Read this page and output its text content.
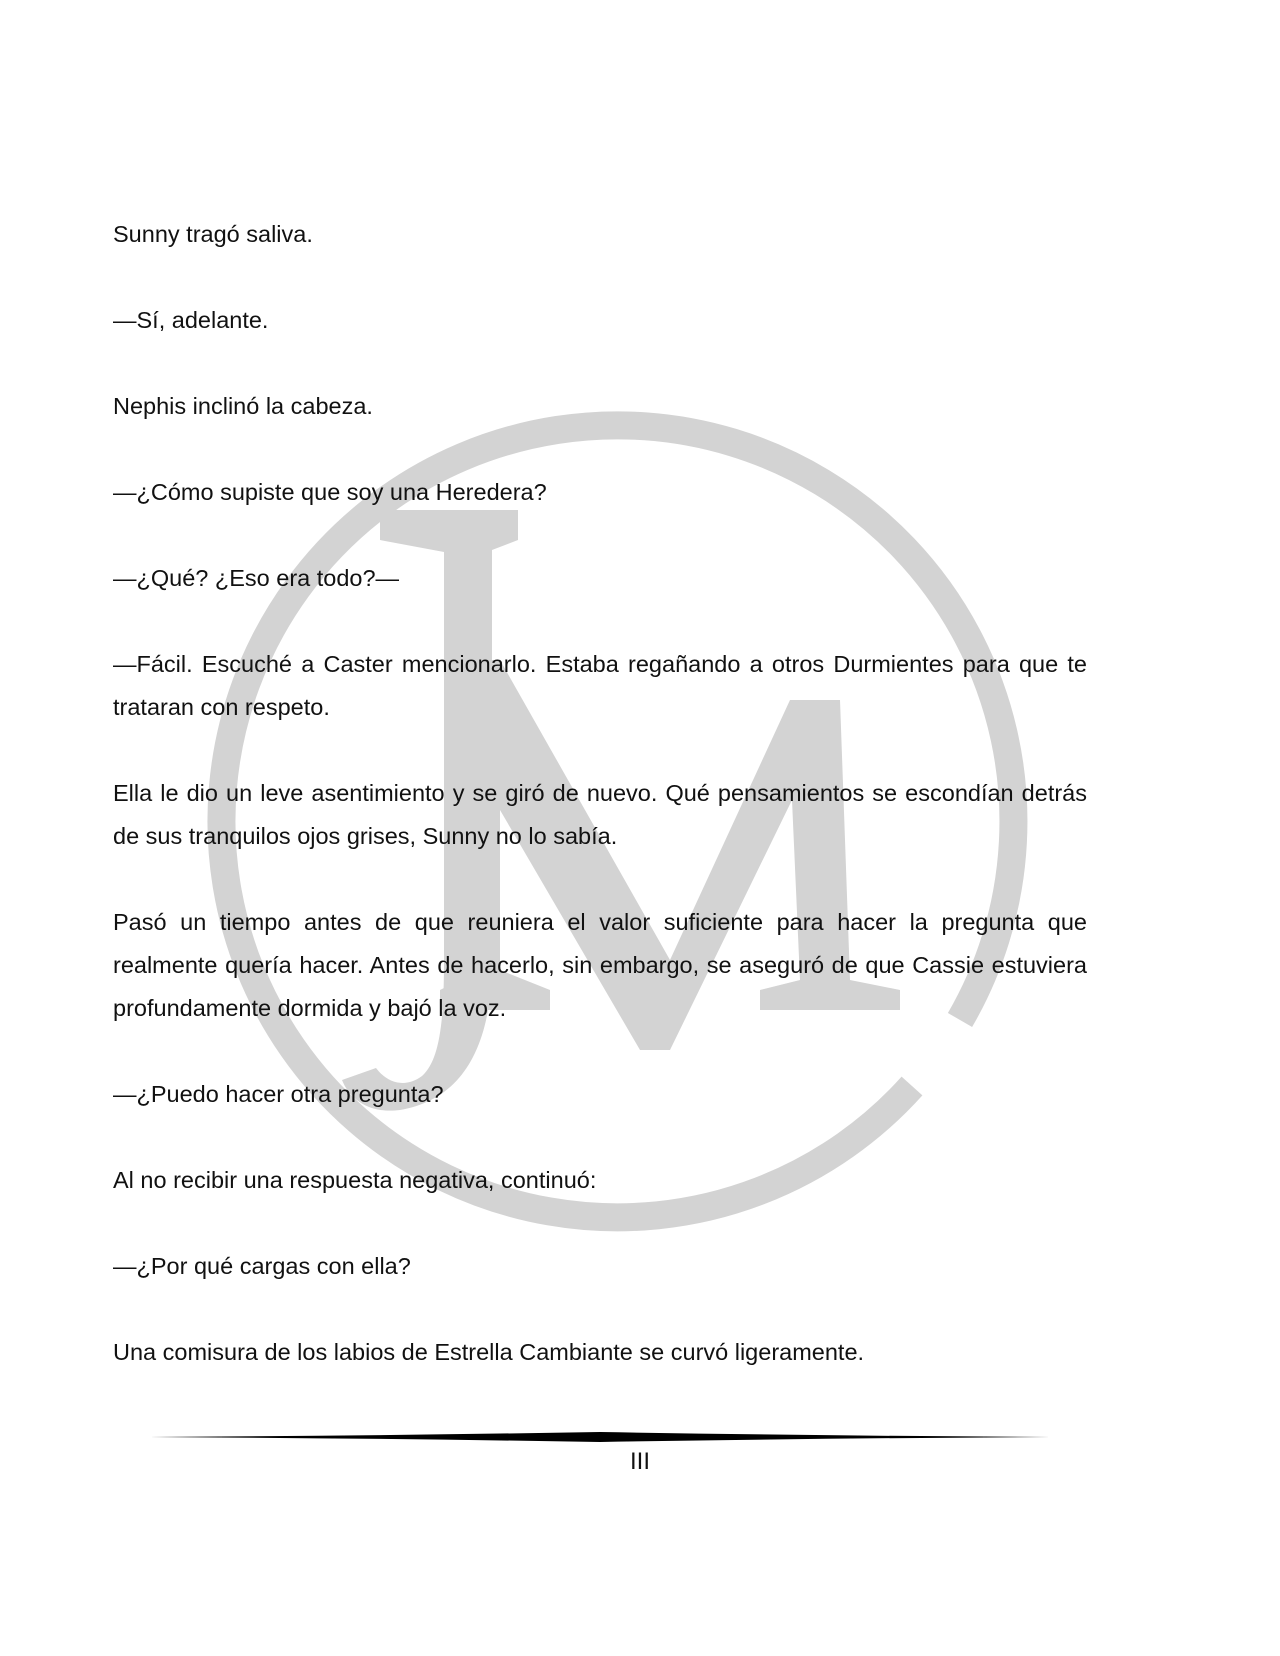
Sunny tragó saliva.

—Sí, adelante.

Nephis inclinó la cabeza.

—¿Cómo supiste que soy una Heredera?

—¿Qué? ¿Eso era todo?—

—Fácil. Escuché a Caster mencionarlo. Estaba regañando a otros Durmientes para que te trataran con respeto.

Ella le dio un leve asentimiento y se giró de nuevo. Qué pensamientos se escondían detrás de sus tranquilos ojos grises, Sunny no lo sabía.

Pasó un tiempo antes de que reuniera el valor suficiente para hacer la pregunta que realmente quería hacer. Antes de hacerlo, sin embargo, se aseguró de que Cassie estuviera profundamente dormida y bajó la voz.

—¿Puedo hacer otra pregunta?

Al no recibir una respuesta negativa, continuó:

—¿Por qué cargas con ella?

Una comisura de los labios de Estrella Cambiante se curvó ligeramente.

III
